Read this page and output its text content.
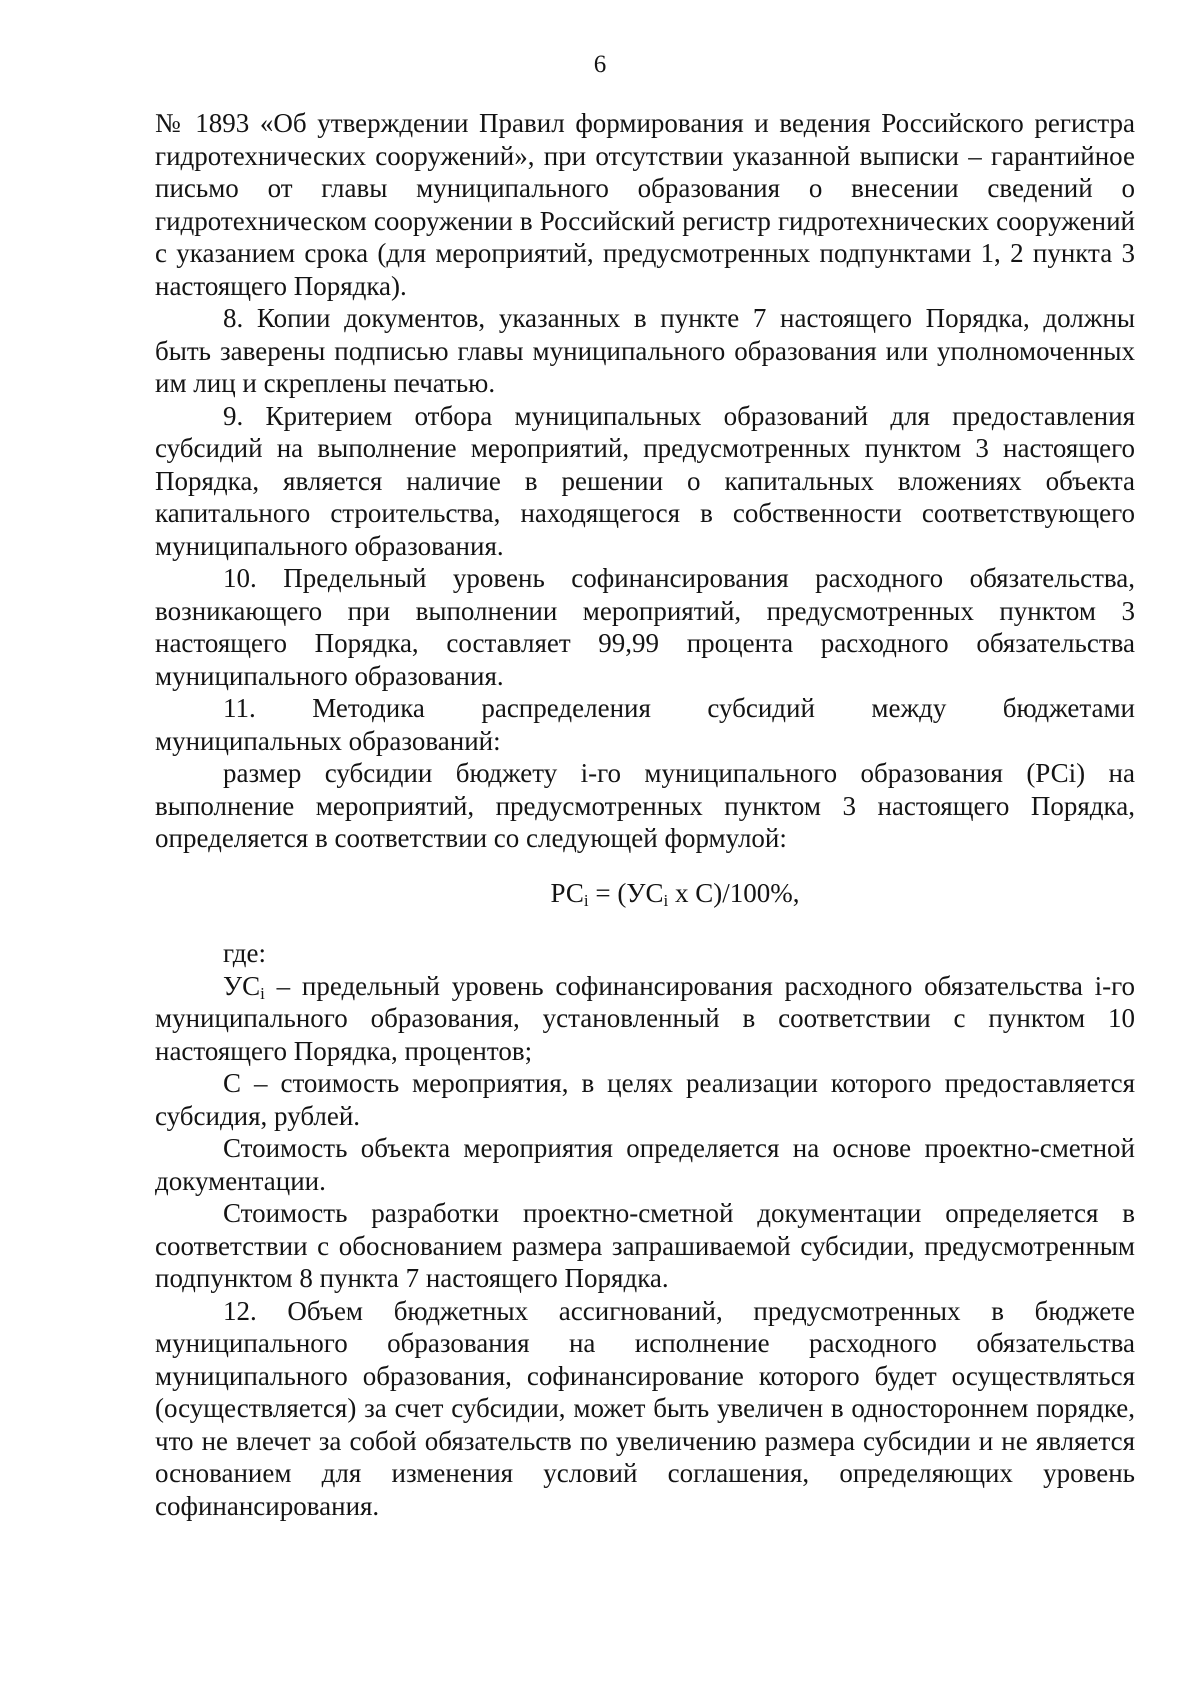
6

№ 1893 «Об утверждении Правил формирования и ведения Российского регистра гидротехнических сооружений», при отсутствии указанной выписки – гарантийное письмо от главы муниципального образования о внесении сведений о гидротехническом сооружении в Российский регистр гидротехнических сооружений с указанием срока (для мероприятий, предусмотренных подпунктами 1, 2 пункта 3 настоящего Порядка).

8. Копии документов, указанных в пункте 7 настоящего Порядка, должны быть заверены подписью главы муниципального образования или уполномоченных им лиц и скреплены печатью.

9. Критерием отбора муниципальных образований для предоставления субсидий на выполнение мероприятий, предусмотренных пунктом 3 настоящего Порядка, является наличие в решении о капитальных вложениях объекта капитального строительства, находящегося в собственности соответствующего муниципального образования.

10. Предельный уровень софинансирования расходного обязательства, возникающего при выполнении мероприятий, предусмотренных пунктом 3 настоящего Порядка, составляет 99,99 процента расходного обязательства муниципального образования.

11. Методика распределения субсидий между бюджетами

муниципальных образований:

размер субсидии бюджету i-го муниципального образования (РСi) на выполнение мероприятий, предусмотренных пунктом 3 настоящего Порядка, определяется в соответствии со следующей формулой:

$РС_i = (УС_i$ x С)/100%,

где:

$УС_i$ – предельный уровень софинансирования расходного обязательства i-го муниципального образования, установленный в соответствии с пунктом 10 настоящего Порядка, процентов;

С – стоимость мероприятия, в целях реализации которого предоставляется субсидия, рублей.

Стоимость объекта мероприятия определяется на основе проектно-сметной документации.

Стоимость разработки проектно-сметной документации определяется в соответствии с обоснованием размера запрашиваемой субсидии, предусмотренным подпунктом 8 пункта 7 настоящего Порядка.

12. Объем бюджетных ассигнований, предусмотренных в бюджете муниципального образования на исполнение расходного обязательства муниципального образования, софинансирование которого будет осуществляться (осуществляется) за счет субсидии, может быть увеличен в одностороннем порядке, что не влечет за собой обязательств по увеличению размера субсидии и не является основанием для изменения условий соглашения, определяющих уровень софинансирования.
